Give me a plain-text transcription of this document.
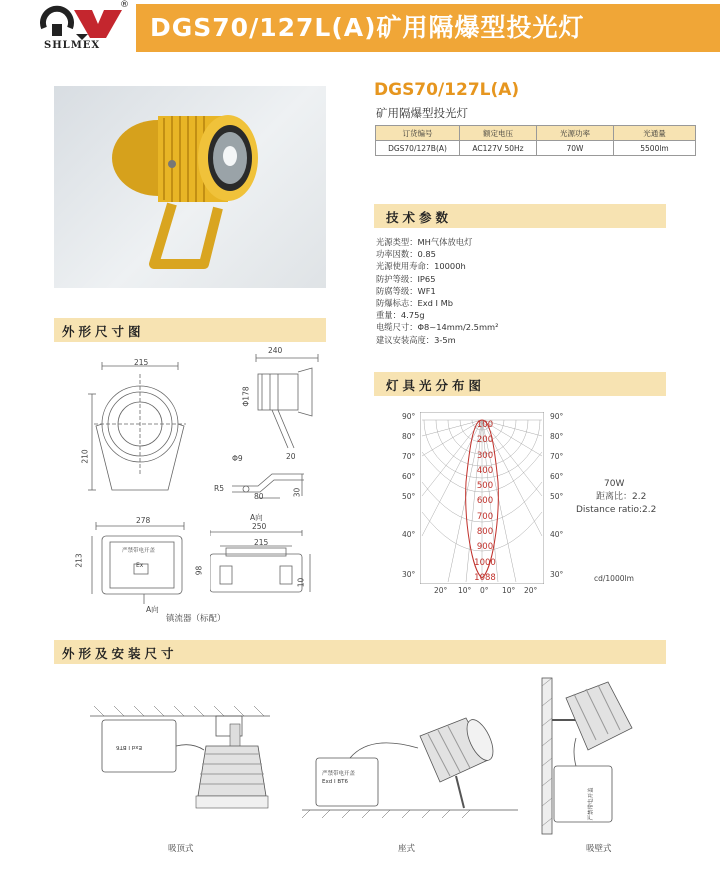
®
SHLMEX
DGS70/127L(A)矿用隔爆型投光灯
DGS70/127L(A)
矿用隔爆型投光灯
订货编号	额定电压	光源功率	光通量
DGS70/127B(A)	AC127V 50Hz	70W	5500lm
技术参数
光源类型：MH气体放电灯
功率因数：0.85
光源使用寿命：10000h
防护等级：IP65
防腐等级：WF1
防爆标志：Exd I Mb
重量：4.75g
电缆尺寸：Φ8~14mm/2.5mm²
建议安装高度：3-5m
外形尺寸图
215
210
240
Φ178
Φ9	20
R5
80	30
278
213
严禁带电开盖
Ex
A向
镇流器（标配）
A向
250
215
98
10
灯具光分布图
100
200
300
400
500
600
700
800
900
1000
1088
90°
80°
70°
60°
50°
40°
30°
90°
80°
70°
60°
50°
40°
30°
20° 10° 0° 10° 20°
70W
距离比：2.2
Distance ratio:2.2
cd/1000lm
外形及安装尺寸
Exd I BT6
吸顶式
严禁带电开盖
Exd I BT6
座式
严禁带电开盖
吸壁式
